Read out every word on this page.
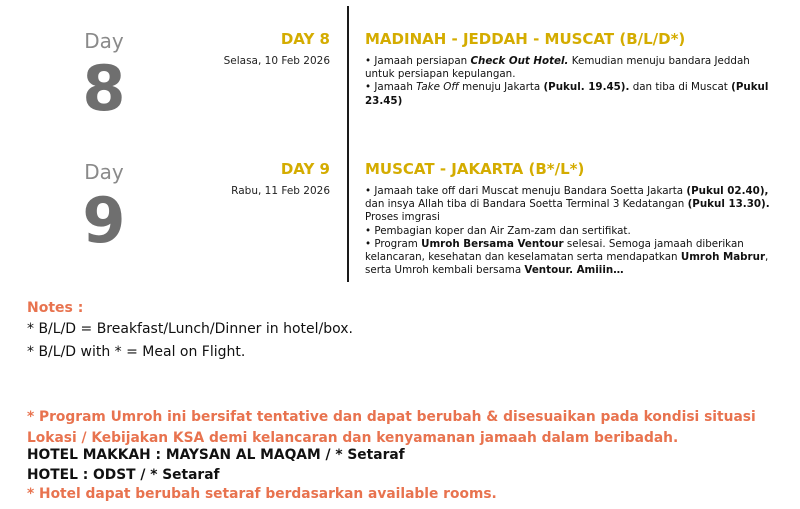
Day
8
DAY 8
Selasa, 10 Feb 2026
MADINAH - JEDDAH - MUSCAT (B/L/D*)

• Jamaah persiapan Check Out Hotel. Kemudian menuju bandara Jeddah untuk persiapan kepulangan.

• Jamaah Take Off menuju Jakarta (Pukul. 19.45). dan tiba di Muscat (Pukul 23.45)

Day
9
DAY 9
Rabu, 11 Feb 2026
MUSCAT - JAKARTA (B*/L*)

• Jamaah take off dari Muscat menuju Bandara Soetta Jakarta (Pukul 02.40), dan insya Allah tiba di Bandara Soetta Terminal 3 Kedatangan (Pukul 13.30). Proses imgrasi

• Pembagian koper dan Air Zam-zam dan sertifikat.

• Program Umroh Bersama Ventour selesai. Semoga jamaah diberikan kelancaran, kesehatan dan keselamatan serta mendapatkan Umroh Mabrur, serta Umroh kembali bersama Ventour. Amiiin…

Notes :
* B/L/D = Breakfast/Lunch/Dinner in hotel/box.
* B/L/D with * = Meal on Flight.
* Program Umroh ini bersifat tentative dan dapat berubah & disesuaikan pada kondisi situasi Lokasi / Kebijakan KSA demi kelancaran dan kenyamanan jamaah dalam beribadah.
HOTEL MAKKAH : MAYSAN AL MAQAM / * Setaraf
HOTEL : ODST / * Setaraf
* Hotel dapat berubah setaraf berdasarkan available rooms.
